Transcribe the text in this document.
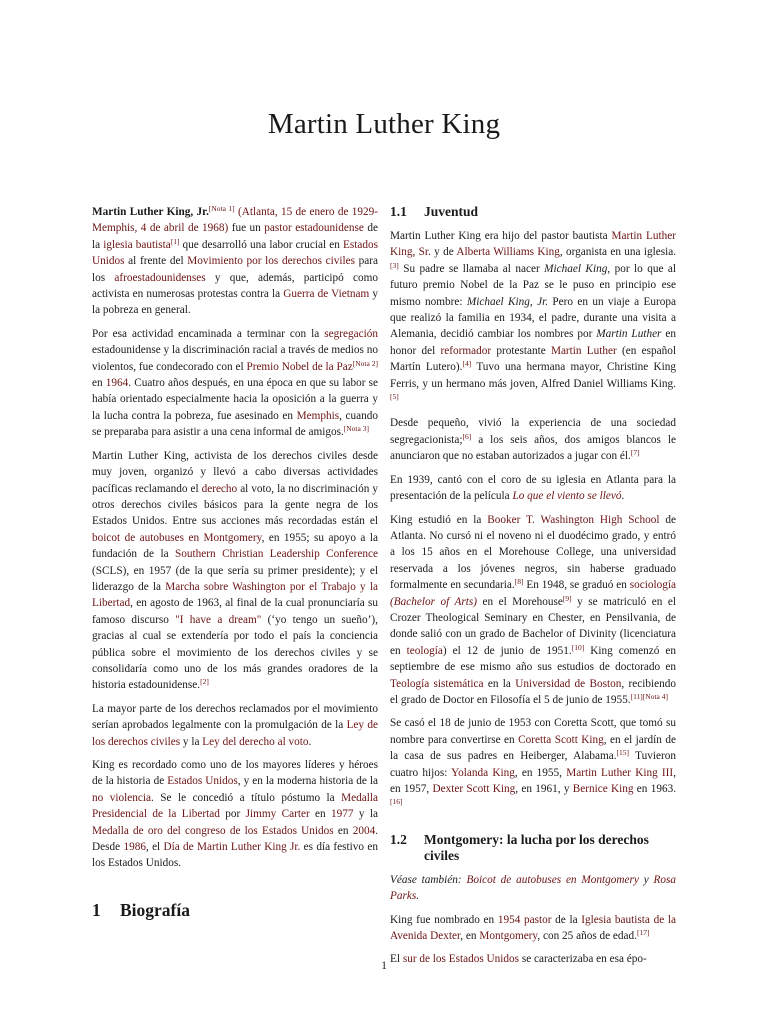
Martin Luther King

Martin Luther King, Jr.[Nota 1] (Atlanta, 15 de enero de 1929-Memphis, 4 de abril de 1968) fue un pastor estadounidense de la iglesia bautista[1] que desarrolló una labor crucial en Estados Unidos al frente del Movimiento por los derechos civiles para los afroestadounidenses y que, además, participó como activista en numerosas protestas contra la Guerra de Vietnam y la pobreza en general.

Por esa actividad encaminada a terminar con la segregación estadounidense y la discriminación racial a través de medios no violentos, fue condecorado con el Premio Nobel de la Paz[Nota 2] en 1964. Cuatro años después, en una época en que su labor se había orientado especialmente hacia la oposición a la guerra y la lucha contra la pobreza, fue asesinado en Memphis, cuando se preparaba para asistir a una cena informal de amigos.[Nota 3]

Martin Luther King, activista de los derechos civiles desde muy joven, organizó y llevó a cabo diversas actividades pacíficas reclamando el derecho al voto, la no discriminación y otros derechos civiles básicos para la gente negra de los Estados Unidos. Entre sus acciones más recordadas están el boicot de autobuses en Montgomery, en 1955; su apoyo a la fundación de la Southern Christian Leadership Conference (SCLS), en 1957 (de la que sería su primer presidente); y el liderazgo de la Marcha sobre Washington por el Trabajo y la Libertad, en agosto de 1963, al final de la cual pronunciaría su famoso discurso "I have a dream" (‘yo tengo un sueño’), gracias al cual se extendería por todo el país la conciencia pública sobre el movimiento de los derechos civiles y se consolidaría como uno de los más grandes oradores de la historia estadounidense.[2]

La mayor parte de los derechos reclamados por el movimiento serían aprobados legalmente con la promulgación de la Ley de los derechos civiles y la Ley del derecho al voto.

King es recordado como uno de los mayores líderes y héroes de la historia de Estados Unidos, y en la moderna historia de la no violencia. Se le concedió a título póstumo la Medalla Presidencial de la Libertad por Jimmy Carter en 1977 y la Medalla de oro del congreso de los Estados Unidos en 2004. Desde 1986, el Día de Martin Luther King Jr. es día festivo en los Estados Unidos.

1	Biografía
1.1	Juventud

Martin Luther King era hijo del pastor bautista Martin Luther King, Sr. y de Alberta Williams King, organista en una iglesia.[3] Su padre se llamaba al nacer Michael King, por lo que al futuro premio Nobel de la Paz se le puso en principio ese mismo nombre: Michael King, Jr. Pero en un viaje a Europa que realizó la familia en 1934, el padre, durante una visita a Alemania, decidió cambiar los nombres por Martin Luther en honor del reformador protestante Martin Luther (en español Martín Lutero).[4] Tuvo una hermana mayor, Christine King Ferris, y un hermano más joven, Alfred Daniel Williams King.[5]

Desde pequeño, vivió la experiencia de una sociedad segregacionista;[6] a los seis años, dos amigos blancos le anunciaron que no estaban autorizados a jugar con él.[7]

En 1939, cantó con el coro de su iglesia en Atlanta para la presentación de la película Lo que el viento se llevó.

King estudió en la Booker T. Washington High School de Atlanta. No cursó ni el noveno ni el duodécimo grado, y entró a los 15 años en el Morehouse College, una universidad reservada a los jóvenes negros, sin haberse graduado formalmente en secundaria.[8] En 1948, se graduó en sociología (Bachelor of Arts) en el Morehouse[9] y se matriculó en el Crozer Theological Seminary en Chester, en Pensilvania, de donde salió con un grado de Bachelor of Divinity (licenciatura en teología) el 12 de junio de 1951.[10] King comenzó en septiembre de ese mismo año sus estudios de doctorado en Teología sistemática en la Universidad de Boston, recibiendo el grado de Doctor en Filosofía el 5 de junio de 1955.[11][Nota 4]

Se casó el 18 de junio de 1953 con Coretta Scott, que tomó su nombre para convertirse en Coretta Scott King, en el jardín de la casa de sus padres en Heiberger, Alabama.[15] Tuvieron cuatro hijos: Yolanda King, en 1955, Martin Luther King III, en 1957, Dexter Scott King, en 1961, y Bernice King en 1963.[16]

1.2	Montgomery: la lucha por los derechos civiles

Véase también: Boicot de autobuses en Montgomery y Rosa Parks.

King fue nombrado en 1954 pastor de la Iglesia bautista de la Avenida Dexter, en Montgomery, con 25 años de edad.[17]

El sur de los Estados Unidos se caracterizaba en esa épo-

1
